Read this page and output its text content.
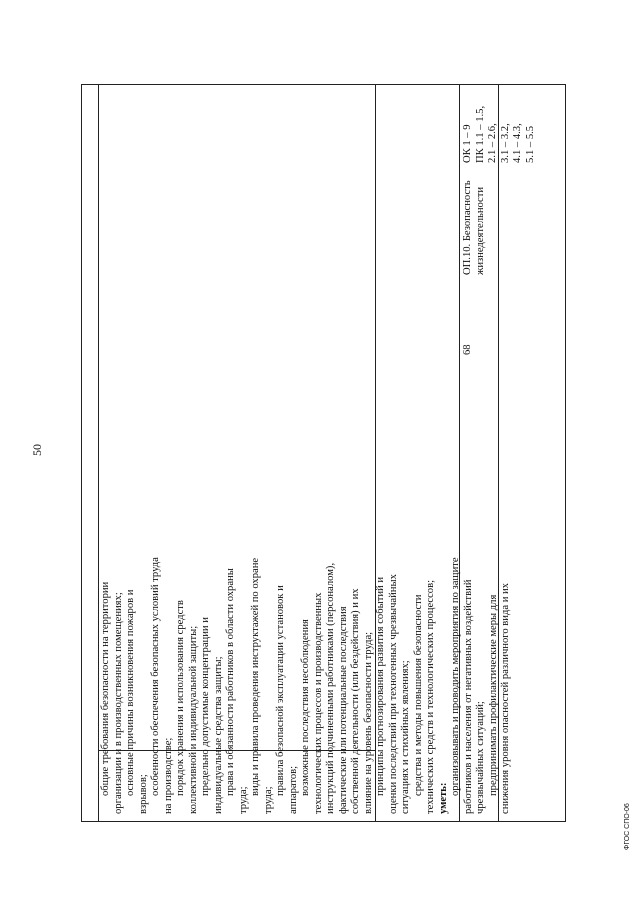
50
68
ОП.10. Безопасность жизнедеятельности
ОК 1 – 9 ПК 1.1 – 1.5, 2.1 – 2.6, 3.1 – 3.2, 4.1 – 4.3, 5.1 – 5.5
ФГОС СПО-06
общие требования безопасности на территории организации и в производственных помещениях; основные причины возникновения пожаров и взрывов; особенности обеспечения безопасных условий труда на производстве; порядок хранения и использования средств коллективной и индивидуальной защиты; предельно допустимые концентрации и индивидуальные средства защиты; права и обязанности работников в области охраны
труда;
виды и правила проведения инструктажей по охране
труда;
правила безопасной эксплуатации установок и аппаратов; возможные последствия несоблюдения технологических процессов и производственных инструкций подчиненными работниками (персоналом), фактические или потенциальные последствия собственной деятельности (или бездействия) и их влияние на уровень безопасности труда; принципы прогнозирования развития событий и оценки последствий при техногенных чрезвычайных ситуациях и стихийных явлениях; средства и методы повышения безопасности технических средств и технологических процессов; уметь:
организовывать и проводить мероприятия по защите работников и населения от негативных воздействий чрезвычайных ситуаций; предпринимать профилактические меры для снижения уровня опасностей различного вида и их
